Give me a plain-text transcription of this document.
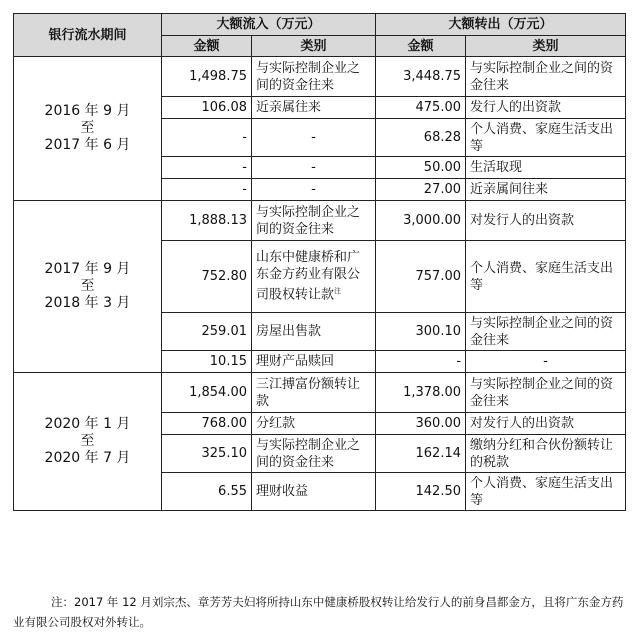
银行流水期间	大额流入（万元）		大额转出（万元）	
	金额	类别	金额	类别

2016 年 9 月
至
2017 年 6 月	1,498.75	与实际控制企业之间的资金往来	3,448.75	与实际控制企业之间的资金往来
	106.08	近亲属往来	475.00	发行人的出资款
	-	-	68.28	个人消费、家庭生活支出等
	-	-	50.00	生活取现
	-	-	27.00	近亲属间往来

2017 年 9 月
至
2018 年 3 月	1,888.13	与实际控制企业之间的资金往来	3,000.00	对发行人的出资款
	752.80	山东中健康桥和广东金方药业有限公司股权转让款$^注$	757.00	个人消费、家庭生活支出等
	259.01	房屋出售款	300.10	与实际控制企业之间的资金往来
	10.15	理财产品赎回	-	-

2020 年 1 月
至
2020 年 7 月	1,854.00	三江搏富份额转让款	1,378.00	与实际控制企业之间的资金往来
	768.00	分红款	360.00	对发行人的出资款
	325.10	与实际控制企业之间的资金往来	162.14	缴纳分红和合伙份额转让的税款
	6.55	理财收益	142.50	个人消费、家庭生活支出等
注：2017 年 12 月刘宗杰、章芳芳夫妇将所持山东中健康桥股权转让给发行人的前身昌都金方，且将广东金方药业有限公司股权对外转让。
